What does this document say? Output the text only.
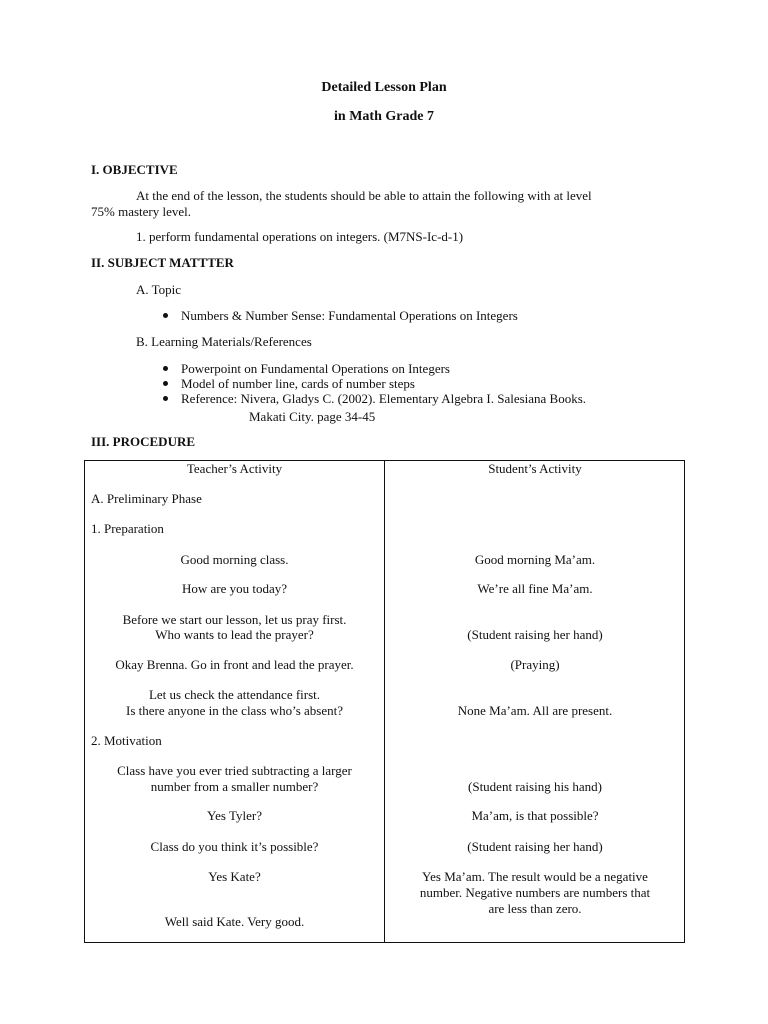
Detailed Lesson Plan
in Math Grade 7
I. OBJECTIVE
At the end of the lesson, the students should be able to attain the following with at level
75% mastery level.
1. perform fundamental operations on integers. (M7NS-Ic-d-1)
II. SUBJECT MATTTER
A. Topic
Numbers & Number Sense: Fundamental Operations on Integers
B. Learning Materials/References
Powerpoint on Fundamental Operations on Integers
Model of number line, cards of number steps
Reference: Nivera, Gladys C. (2002). Elementary Algebra I. Salesiana Books.
Makati City. page 34-45
III. PROCEDURE
Teacher’s Activity	Student’s Activity
A. Preliminary Phase
1. Preparation
Good morning class.
How are you today?
Before we start our lesson, let us pray first.
Who wants to lead the prayer?
Okay Brenna. Go in front and lead the prayer.
Let us check the attendance first.
Is there anyone in the class who’s absent?
2. Motivation
Class have you ever tried subtracting a larger
number from a smaller number?
Yes Tyler?
Class do you think it’s possible?
Yes Kate?
Well said Kate. Very good.
Good morning Ma’am.
We’re all fine Ma’am.
(Student raising her hand)
(Praying)
None Ma’am. All are present.
(Student raising his hand)
Ma’am, is that possible?
(Student raising her hand)
Yes Ma’am. The result would be a negative
number. Negative numbers are numbers that
are less than zero.
